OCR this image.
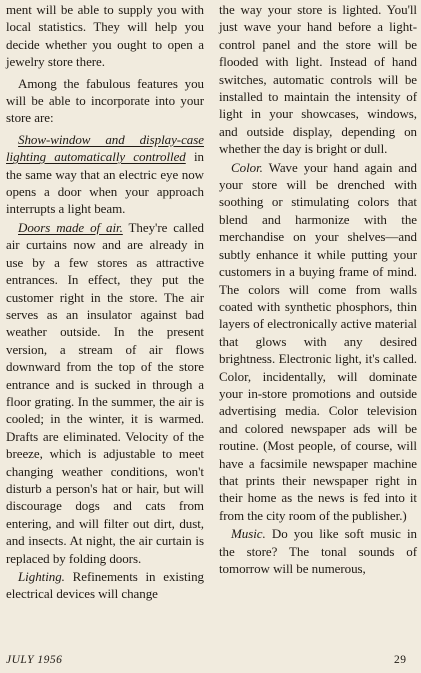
ment will be able to supply you with local statistics. They will help you decide whether you ought to open a jewelry store there.

Among the fabulous features you will be able to incorporate into your store are:

Show-window and display-case lighting automatically controlled in the same way that an electric eye now opens a door when your approach interrupts a light beam.

Doors made of air. They're called air curtains now and are already in use by a few stores as attractive entrances. In effect, they put the customer right in the store. The air serves as an insulator against bad weather outside. In the present version, a stream of air flows downward from the top of the store entrance and is sucked in through a floor grating. In the summer, the air is cooled; in the winter, it is warmed. Drafts are eliminated. Velocity of the breeze, which is adjustable to meet changing weather conditions, won't disturb a person's hat or hair, but will discourage dogs and cats from entering, and will filter out dirt, dust, and insects. At night, the air curtain is replaced by folding doors.

Lighting. Refinements in existing electrical devices will change

the way your store is lighted. You'll just wave your hand before a light-control panel and the store will be flooded with light. Instead of hand switches, automatic controls will be installed to maintain the intensity of light in your showcases, windows, and outside display, depending on whether the day is bright or dull.

Color. Wave your hand again and your store will be drenched with soothing or stimulating colors that blend and harmonize with the merchandise on your shelves—and subtly enhance it while putting your customers in a buying frame of mind. The colors will come from walls coated with synthetic phosphors, thin layers of electronically active material that glows with any desired brightness. Electronic light, it's called. Color, incidentally, will dominate your in-store promotions and outside advertising media. Color television and colored newspaper ads will be routine. (Most people, of course, will have a facsimile newspaper machine that prints their newspaper right in their home as the news is fed into it from the city room of the publisher.)

Music. Do you like soft music in the store? The tonal sounds of tomorrow will be numerous,

JULY 1956	29
